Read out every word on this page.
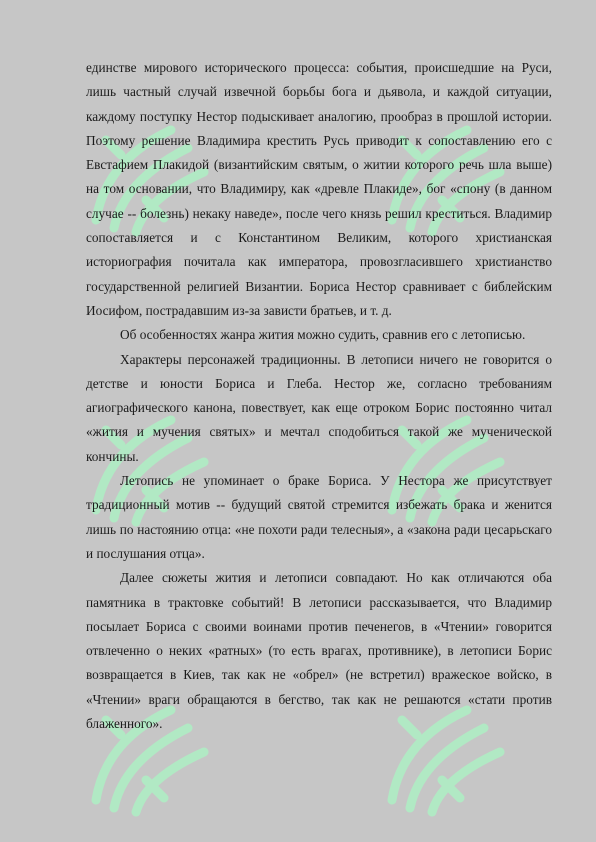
единстве мирового исторического процесса: события, происшедшие на Руси, лишь частный случай извечной борьбы бога и дьявола, и каждой ситуации, каждому поступку Нестор подыскивает аналогию, прообраз в прошлой истории. Поэтому решение Владимира крестить Русь приводит к сопоставлению его с Евстафием Плакидой (византийским святым, о житии которого речь шла выше) на том основании, что Владимиру, как «древле Плакиде», бог «спону (в данном случае -- болезнь) некаку наведе», после чего князь решил креститься. Владимир сопоставляется и с Константином Великим, которого христианская историография почитала как императора, провозгласившего христианство государственной религией Византии. Бориса Нестор сравнивает с библейским Иосифом, пострадавшим из-за зависти братьев, и т. д.

Об особенностях жанра жития можно судить, сравнив его с летописью.

Характеры персонажей традиционны. В летописи ничего не говорится о детстве и юности Бориса и Глеба. Нестор же, согласно требованиям агиографического канона, повествует, как еще отроком Борис постоянно читал «жития и мучения святых» и мечтал сподобиться такой же мученической кончины.

Летопись не упоминает о браке Бориса. У Нестора же присутствует традиционный мотив -- будущий святой стремится избежать брака и женится лишь по настоянию отца: «не похоти ради телесныя», а «закона ради цесарьскаго и послушания отца».

Далее сюжеты жития и летописи совпадают. Но как отличаются оба памятника в трактовке событий! В летописи рассказывается, что Владимир посылает Бориса с своими воинами против печенегов, в «Чтении» говорится отвлеченно о неких «ратных» (то есть врагах, противнике), в летописи Борис возвращается в Киев, так как не «обрел» (не встретил) вражеское войско, в «Чтении» враги обращаются в бегство, так как не решаются «стати против блаженного».
